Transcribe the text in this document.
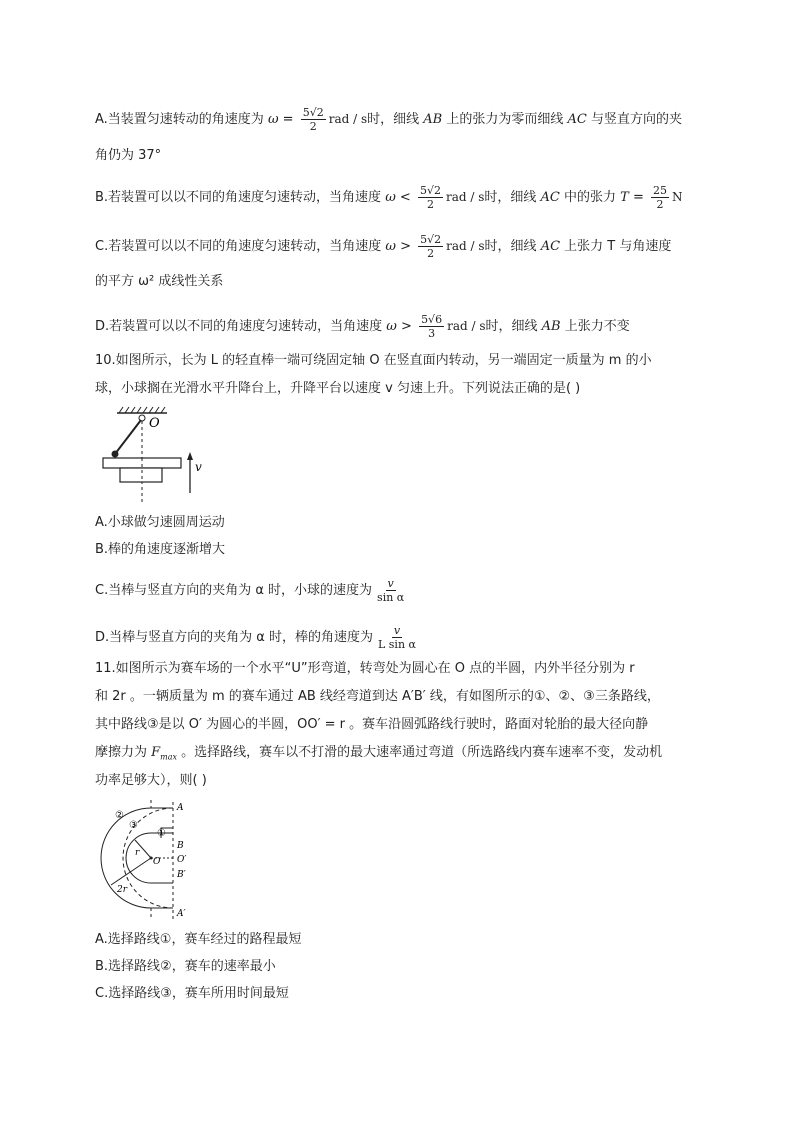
A.当装置匀速转动的角速度为 $\omega = \frac{5√2}{2}$ rad / s时，细线 AB 上的张力为零而细线 AC 与竖直方向的夹
角仍为 37°
B.若装置可以以不同的角速度匀速转动，当角速度 $\omega < \frac{5√2}{2}$ rad / s时，细线 AC 中的张力 $T = \frac{25}{2}$ N
C.若装置可以以不同的角速度匀速转动，当角速度 $\omega > \frac{5√2}{2}$ rad / s时，细线 AC 上张力 T 与角速度
的平方 ω² 成线性关系
D.若装置可以以不同的角速度匀速转动，当角速度 $\omega > \frac{5√6}{3}$ rad / s时，细线 AB 上张力不变
10.如图所示，长为 L 的轻直棒一端可绕固定轴 O 在竖直面内转动，另一端固定一质量为 m 的小
球，小球搁在光滑水平升降台上，升降平台以速度 v 匀速上升。下列说法正确的是( )
O
v
A.小球做匀速圆周运动
B.棒的角速度逐渐增大
C.当棒与竖直方向的夹角为 α 时，小球的速度为 $\frac{v}{\text{sin α}}$
D.当棒与竖直方向的夹角为 α 时，棒的角速度为 $\frac{v}{\text{L sin α}}$
11.如图所示为赛车场的一个水平“U”形弯道，转弯处为圆心在 O 点的半圆，内外半径分别为 r
和 2r 。一辆质量为 m 的赛车通过 AB 线经弯道到达 A′B′ 线，有如图所示的①、②、③三条路线，
其中路线③是以 O′ 为圆心的半圆，OO′ = r 。赛车沿圆弧路线行驶时，路面对轮胎的最大径向静
摩擦力为 $F_{max}$ 。选择路线，赛车以不打滑的最大速率通过弯道（所选路线内赛车速率不变，发动机
功率足够大），则( )
r
2r
O
A
B
O′
B′
A′
②
③
①
A.选择路线①，赛车经过的路程最短
B.选择路线②，赛车的速率最小
C.选择路线③，赛车所用时间最短
